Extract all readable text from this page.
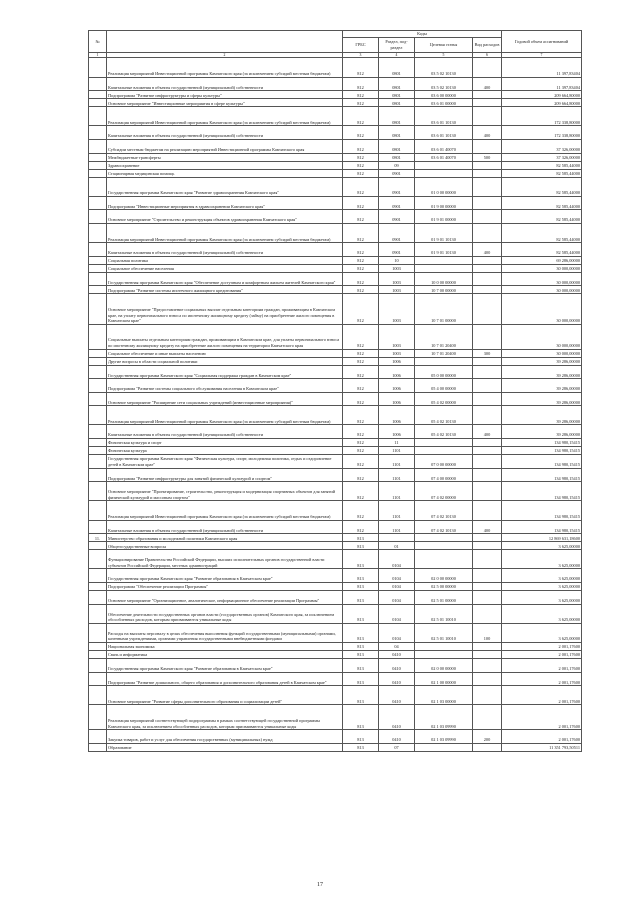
№		Коды				Годовой объем ассигнований
		ГРБС	Раздел, под-раздел	Целевая статья	Вид расходов	
1	2	3	4	5	6	7
	Реализация мероприятий Инвестиционной программы Камчатского края (за исключением субсидий местным бюджетам)	812	0801	03 5 02 10130		11 397,83404
	Капитальные вложения в объекты государственной (муниципальной) собственности	812	0801	03 5 02 10130	400	11 397,83404
	Подпрограмма "Развитие инфраструктуры и сферы культуры"	812	0801	03 6 00 00000		209 664,80000
	Основное мероприятие "Инвестиционные мероприятия в сфере культуры"	812	0801	03 6 01 00000		209 664,80000
	Реализация мероприятий Инвестиционной программы Камчатского края (за исключением субсидий местным бюджетам)	812	0801	03 6 01 10130		172 338,80000
	Капитальные вложения в объекты государственной (муниципальной) собственности	812	0801	03 6 01 10130	400	172 338,80000
	Субсидии местным бюджетам на реализацию мероприятий Инвестиционной программы Камчатского края	812	0801	03 6 01 40070		37 326,00000
	Межбюджетные трансферты	812	0801	03 6 01 40070	500	37 326,00000
	Здравоохранение	812	09			82 585,44000
	Стационарная медицинская помощь	812	0901			82 585,44000
	Государственная программа Камчатского края "Развитие здравоохранения Камчатского края"	812	0901	01 0 00 00000		82 585,44000
	Подпрограмма "Инвестиционные мероприятия в здравоохранении Камчатского края"	812	0901	01 9 00 00000		82 585,44000
	Основное мероприятие "Строительство и реконструкция объектов здравоохранения Камчатского края"	812	0901	01 9 01 00000		82 585,44000
	Реализация мероприятий Инвестиционной программы Камчатского края (за исключением субсидий местным бюджетам)	812	0901	01 9 01 10130		82 585,44000
	Капитальные вложения в объекты государственной (муниципальной) собственности	812	0901	01 9 01 10130	400	82 585,44000
	Социальная политика	812	10			69 286,00000
	Социальное обеспечение населения	812	1003			30 000,00000
	Государственная программа Камчатского края "Обеспечение доступным и комфортным жильем жителей Камчатского края"	812	1003	10 0 00 00000		30 000,00000
	Подпрограмма "Развитие системы ипотечного жилищного кредитования"	812	1003	10 7 00 00000		30 000,00000
	Основное мероприятие "Предоставление социальных выплат отдельным категориям граждан, проживающим в Камчатском крае, на уплату первоначального взноса по ипотечному жилищному кредиту (займу) на приобретение жилого помещения в Камчатском крае"	812	1003	10 7 01 00000		30 000,00000
	Социальные выплаты отдельным категориям граждан, проживающим в Камчатском крае, для уплаты первоначального взноса по ипотечному жилищному кредиту на приобретение жилого помещения на территории Камчатского края	812	1003	10 7 01 20400		30 000,00000
	Социальное обеспечение и иные выплаты населению	812	1003	10 7 01 20400	300	30 000,00000
	Другие вопросы в области социальной политики	812	1006			39 286,00000
	Государственная программа Камчатского края "Социальная поддержка граждан в Камчатском крае"	812	1006	05 0 00 00000		39 286,00000
	Подпрограмма "Развитие системы социального обслуживания населения в Камчатском крае"	812	1006	05 4 00 00000		39 286,00000
	Основное мероприятие "Расширение сети социальных учреждений (инвестиционные мероприятия)"	812	1006	05 4 02 00000		39 286,00000
	Реализация мероприятий Инвестиционной программы Камчатского края (за исключением субсидий местным бюджетам)	812	1006	05 4 02 10130		39 286,00000
	Капитальные вложения в объекты государственной (муниципальной) собственности	812	1006	05 4 02 10130	400	39 286,00000
	Физическая культура и спорт	812	11			134 980,15415
	Физическая культура	812	1101			134 980,15415
	Государственная программа Камчатского края "Физическая культура, спорт, молодежная политика, отдых и оздоровление детей в Камчатском крае"	812	1101	07 0 00 00000		134 980,15415
	Подпрограмма "Развитие инфраструктуры для занятий физической культурой и спортом"	812	1101	07 4 00 00000		134 980,15415
	Основное мероприятие "Проектирование, строительство, реконструкция и модернизация спортивных объектов для занятий физической культурой и массовым спортом"	812	1101	07 4 02 00000		134 980,15415
	Реализация мероприятий Инвестиционной программы Камчатского края (за исключением субсидий местным бюджетам)	812	1101	07 4 02 10130		134 980,15415
	Капитальные вложения в объекты государственной (муниципальной) собственности	812	1101	07 4 02 10130	400	134 980,15415
11.	Министерство образования и молодежной политики Камчатского края	813				12 869 631,18600
	Общегосударственные вопросы	813	01			3 625,00000
	Функционирование Правительства Российской Федерации, высших исполнительных органов государственной власти субъектов Российской Федерации, местных администраций	813	0104			3 625,00000
	Государственная программа Камчатского края "Развитие образования в Камчатском крае"	813	0104	02 0 00 00000		3 625,00000
	Подпрограмма "Обеспечение реализации Программы"	813	0104	02 5 00 00000		3 625,00000
	Основное мероприятие "Организационное, аналитическое, информационное обеспечение реализации Программы"	813	0104	02 5 01 00000		3 625,00000
	Обеспечение деятельности государственных органов власти (государственных органов) Камчатского края, за исключением обособленных расходов, которым присваиваются уникальные коды	813	0104	02 5 01 10010		3 625,00000
	Расходы на выплаты персоналу в целях обеспечения выполнения функций государственными (муниципальными) органами, казенными учреждениями, органами управления государственными внебюджетными фондами	813	0104	02 5 01 10010	100	3 625,00000
	Национальная экономика	813	04			2 001,17600
	Связь и информатика	813	0410			2 001,17600
	Государственная программа Камчатского края "Развитие образования в Камчатском крае"	813	0410	02 0 00 00000		2 001,17600
	Подпрограмма "Развитие дошкольного, общего образования и дополнительного образования детей в Камчатском крае"	813	0410	02 1 00 00000		2 001,17600
	Основное мероприятие "Развитие сферы дополнительного образования и социализации детей"	813	0410	02 1 03 00000		2 001,17600
	Реализация мероприятий соответствующей подпрограммы в рамках соответствующей государственной программы Камчатского края, за исключением обособленных расходов, которым присваиваются уникальные коды	813	0410	02 1 03 09990		2 001,17600
	Закупка товаров, работ и услуг для обеспечения государственных (муниципальных) нужд	813	0410	02 1 03 09990	200	2 001,17600
	Образование	813	07			11 351 793,50511
17
